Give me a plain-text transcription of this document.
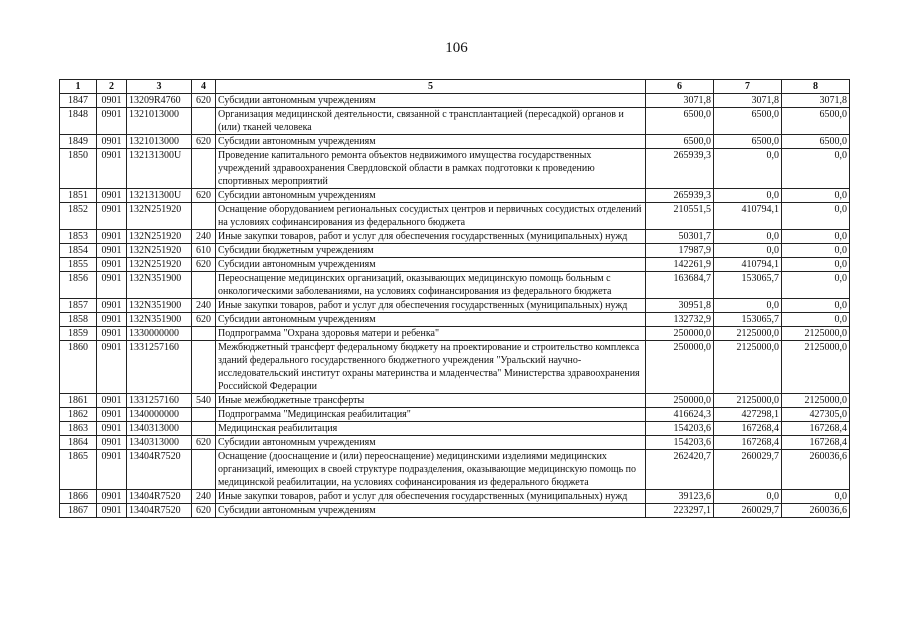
106
1	2	3	4	5	6	7	8
1847	0901	13209R4760	620	Субсидии автономным учреждениям	3071,8	3071,8	3071,8
1848	0901	1321013000		Организация медицинской деятельности, связанной с трансплантацией (пересадкой) органов и (или) тканей человека	6500,0	6500,0	6500,0
1849	0901	1321013000	620	Субсидии автономным учреждениям	6500,0	6500,0	6500,0
1850	0901	132131300U		Проведение капитального ремонта объектов недвижимого имущества государственных учреждений здравоохранения Свердловской области в рамках подготовки к проведению спортивных мероприятий	265939,3	0,0	0,0
1851	0901	132131300U	620	Субсидии автономным учреждениям	265939,3	0,0	0,0
1852	0901	132N251920		Оснащение оборудованием региональных сосудистых центров и первичных сосудистых отделений на условиях софинансирования из федерального бюджета	210551,5	410794,1	0,0
1853	0901	132N251920	240	Иные закупки товаров, работ и услуг для обеспечения государственных (муниципальных) нужд	50301,7	0,0	0,0
1854	0901	132N251920	610	Субсидии бюджетным учреждениям	17987,9	0,0	0,0
1855	0901	132N251920	620	Субсидии автономным учреждениям	142261,9	410794,1	0,0
1856	0901	132N351900		Переоснащение медицинских организаций, оказывающих медицинскую помощь больным с онкологическими заболеваниями, на условиях софинансирования из федерального бюджета	163684,7	153065,7	0,0
1857	0901	132N351900	240	Иные закупки товаров, работ и услуг для обеспечения государственных (муниципальных) нужд	30951,8	0,0	0,0
1858	0901	132N351900	620	Субсидии автономным учреждениям	132732,9	153065,7	0,0
1859	0901	1330000000		Подпрограмма "Охрана здоровья матери и ребенка"	250000,0	2125000,0	2125000,0
1860	0901	1331257160		Межбюджетный трансферт федеральному бюджету на проектирование и строительство комплекса зданий федерального государственного бюджетного учреждения "Уральский научно-исследовательский институт охраны материнства и младенчества" Министерства здравоохранения Российской Федерации	250000,0	2125000,0	2125000,0
1861	0901	1331257160	540	Иные межбюджетные трансферты	250000,0	2125000,0	2125000,0
1862	0901	1340000000		Подпрограмма "Медицинская реабилитация"	416624,3	427298,1	427305,0
1863	0901	1340313000		Медицинская реабилитация	154203,6	167268,4	167268,4
1864	0901	1340313000	620	Субсидии автономным учреждениям	154203,6	167268,4	167268,4
1865	0901	13404R7520		Оснащение (дооснащение и (или) переоснащение) медицинскими изделиями медицинских организаций, имеющих в своей структуре подразделения, оказывающие медицинскую помощь по медицинской реабилитации, на условиях софинансирования из федерального бюджета	262420,7	260029,7	260036,6
1866	0901	13404R7520	240	Иные закупки товаров, работ и услуг для обеспечения государственных (муниципальных) нужд	39123,6	0,0	0,0
1867	0901	13404R7520	620	Субсидии автономным учреждениям	223297,1	260029,7	260036,6
